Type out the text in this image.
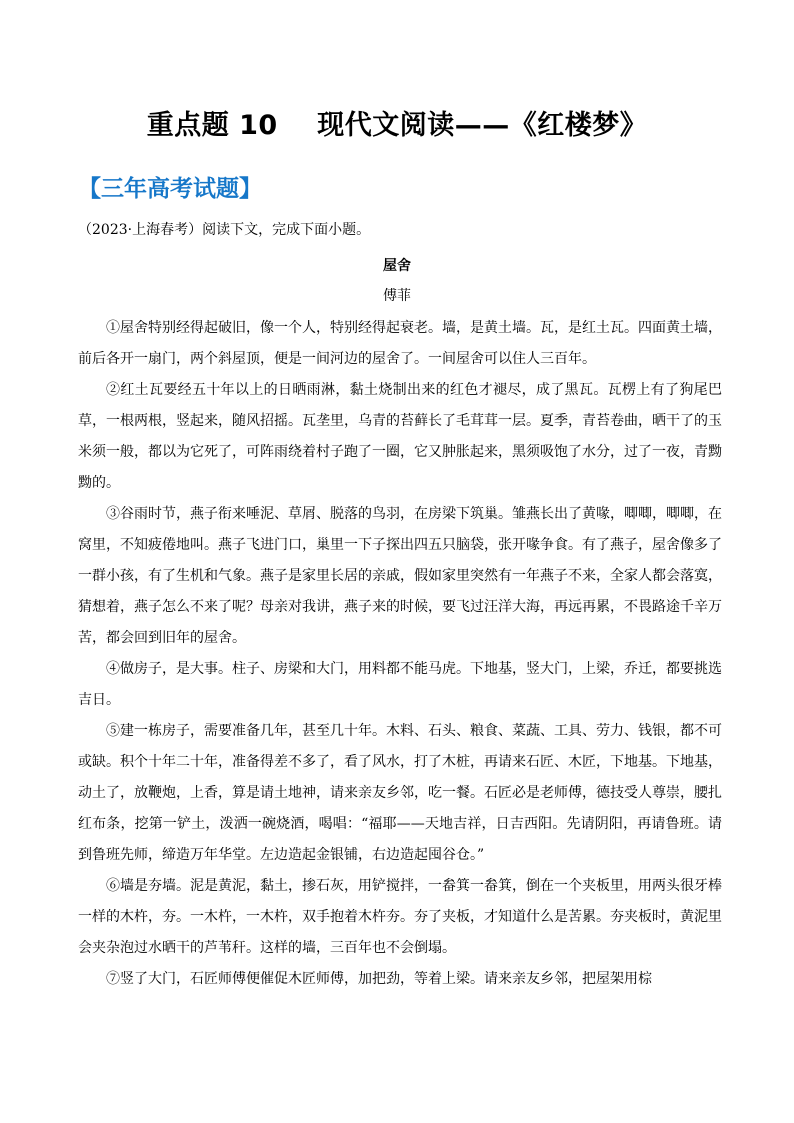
重点题 10    现代文阅读——《红楼梦》
【三年高考试题】
（2023·上海春考）阅读下文，完成下面小题。
屋舍
傅菲

①屋舍特别经得起破旧，像一个人，特别经得起衰老。墙，是黄土墙。瓦，是红土瓦。四面黄土墙，前后各开一扇门，两个斜屋顶，便是一间河边的屋舍了。一间屋舍可以住人三百年。

②红土瓦要经五十年以上的日晒雨淋，黏土烧制出来的红色才褪尽，成了黑瓦。瓦楞上有了狗尾巴草，一根两根，竖起来，随风招摇。瓦垄里，乌青的苔藓长了毛茸茸一层。夏季，青苔卷曲，晒干了的玉米须一般，都以为它死了，可阵雨绕着村子跑了一圈，它又肿胀起来，黑须吸饱了水分，过了一夜，青黝黝的。

③谷雨时节，燕子衔来唾泥、草屑、脱落的鸟羽，在房梁下筑巢。雏燕长出了黄喙，唧唧，唧唧，在窝里，不知疲倦地叫。燕子飞进门口，巢里一下子探出四五只脑袋，张开喙争食。有了燕子，屋舍像多了一群小孩，有了生机和气象。燕子是家里长居的亲戚，假如家里突然有一年燕子不来，全家人都会落寞，猜想着，燕子怎么不来了呢？母亲对我讲，燕子来的时候，要飞过汪洋大海，再远再累，不畏路途千辛万苦，都会回到旧年的屋舍。

④做房子，是大事。柱子、房梁和大门，用料都不能马虎。下地基，竖大门，上梁，乔迁，都要挑选吉日。

⑤建一栋房子，需要准备几年，甚至几十年。木料、石头、粮食、菜蔬、工具、劳力、钱银，都不可或缺。积个十年二十年，准备得差不多了，看了风水，打了木桩，再请来石匠、木匠，下地基。下地基，动土了，放鞭炮，上香，算是请土地神，请来亲友乡邻，吃一餐。石匠必是老师傅，德技受人尊崇，腰扎红布条，挖第一铲土，泼洒一碗烧酒，喝唱：“福耶——天地吉祥，日吉西阳。先请阴阳，再请鲁班。请到鲁班先师，缔造万年华堂。左边造起金银铺，右边造起囤谷仓。”

⑥墙是夯墙。泥是黄泥，黏土，掺石灰，用铲搅拌，一畚箕一畚箕，倒在一个夹板里，用两头很牙棒一样的木杵，夯。一木杵，一木杵，双手抱着木杵夯。夯了夹板，才知道什么是苦累。夯夹板时，黄泥里会夹杂泡过水晒干的芦苇秆。这样的墙，三百年也不会倒塌。

⑦竖了大门，石匠师傅便催促木匠师傅，加把劲，等着上梁。请来亲友乡邻，把屋架用棕
